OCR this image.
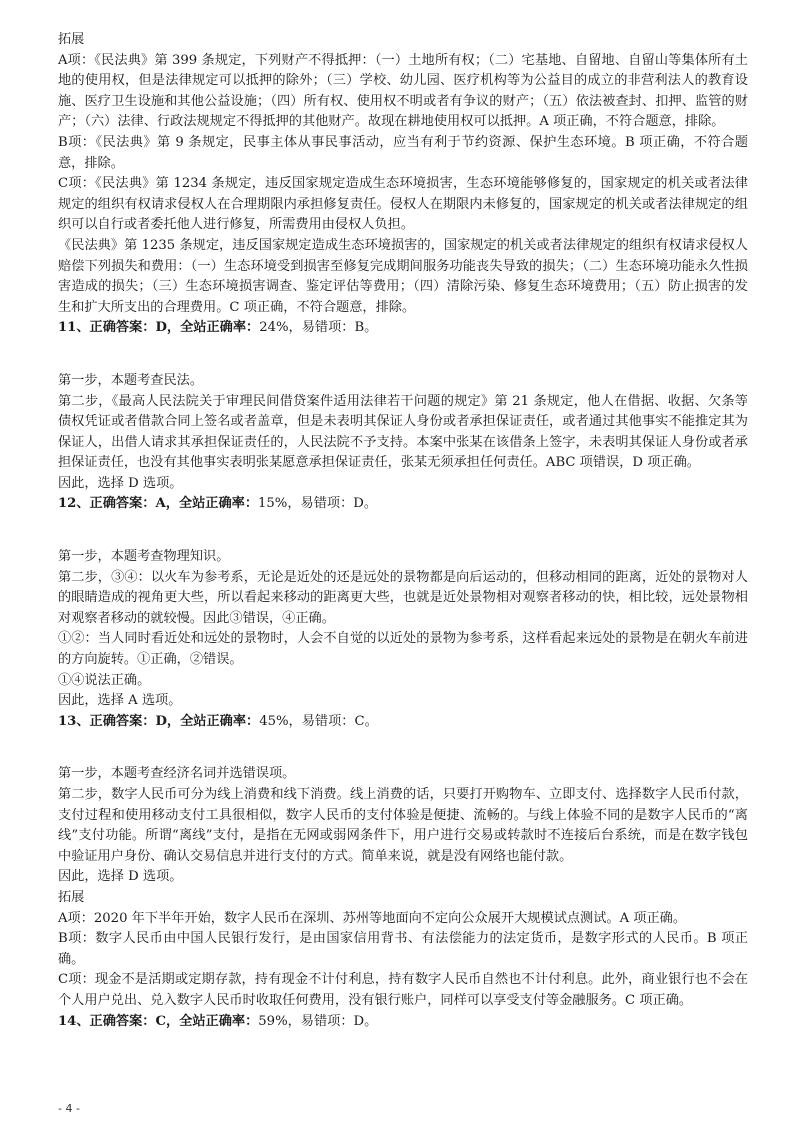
拓展

A项：《民法典》第 399 条规定，下列财产不得抵押：（一）土地所有权；（二）宅基地、自留地、自留山等集体所有土地的使用权，但是法律规定可以抵押的除外；（三）学校、幼儿园、医疗机构等为公益目的成立的非营利法人的教育设施、医疗卫生设施和其他公益设施；（四）所有权、使用权不明或者有争议的财产；（五）依法被查封、扣押、监管的财产；（六）法律、行政法规规定不得抵押的其他财产。故现在耕地使用权可以抵押。A 项正确，不符合题意，排除。

B项：《民法典》第 9 条规定，民事主体从事民事活动，应当有利于节约资源、保护生态环境。B 项正确，不符合题意，排除。

C项：《民法典》第 1234 条规定，违反国家规定造成生态环境损害，生态环境能够修复的，国家规定的机关或者法律规定的组织有权请求侵权人在合理期限内承担修复责任。侵权人在期限内未修复的，国家规定的机关或者法律规定的组织可以自行或者委托他人进行修复，所需费用由侵权人负担。

《民法典》第 1235 条规定，违反国家规定造成生态环境损害的，国家规定的机关或者法律规定的组织有权请求侵权人赔偿下列损失和费用：（一）生态环境受到损害至修复完成期间服务功能丧失导致的损失；（二）生态环境功能永久性损害造成的损失；（三）生态环境损害调查、鉴定评估等费用；（四）清除污染、修复生态环境费用；（五）防止损害的发生和扩大所支出的合理费用。C 项正确，不符合题意，排除。

11、正确答案：D，全站正确率：24%，易错项：B。

第一步，本题考查民法。

第二步，《最高人民法院关于审理民间借贷案件适用法律若干问题的规定》第 21 条规定，他人在借据、收据、欠条等债权凭证或者借款合同上签名或者盖章，但是未表明其保证人身份或者承担保证责任，或者通过其他事实不能推定其为保证人，出借人请求其承担保证责任的，人民法院不予支持。本案中张某在该借条上签字，未表明其保证人身份或者承担保证责任，也没有其他事实表明张某愿意承担保证责任，张某无须承担任何责任。ABC 项错误，D 项正确。

因此，选择 D 选项。

12、正确答案：A，全站正确率：15%，易错项：D。

第一步，本题考查物理知识。

第二步，③④：以火车为参考系，无论是近处的还是远处的景物都是向后运动的，但移动相同的距离，近处的景物对人的眼睛造成的视角更大些，所以看起来移动的距离更大些，也就是近处景物相对观察者移动的快，相比较，远处景物相对观察者移动的就较慢。因此③错误，④正确。

①②：当人同时看近处和远处的景物时，人会不自觉的以近处的景物为参考系，这样看起来远处的景物是在朝火车前进的方向旋转。①正确，②错误。

①④说法正确。

因此，选择 A 选项。

13、正确答案：D，全站正确率：45%，易错项：C。

第一步，本题考查经济名词并选错误项。

第二步，数字人民币可分为线上消费和线下消费。线上消费的话，只要打开购物车、立即支付、选择数字人民币付款，支付过程和使用移动支付工具很相似，数字人民币的支付体验是便捷、流畅的。与线上体验不同的是数字人民币的“离线”支付功能。所谓“离线”支付，是指在无网或弱网条件下，用户进行交易或转款时不连接后台系统，而是在数字钱包中验证用户身份、确认交易信息并进行支付的方式。简单来说，就是没有网络也能付款。

因此，选择 D 选项。

拓展

A项：2020 年下半年开始，数字人民币在深圳、苏州等地面向不定向公众展开大规模试点测试。A 项正确。

B项：数字人民币由中国人民银行发行，是由国家信用背书、有法偿能力的法定货币，是数字形式的人民币。B 项正确。

C项：现金不是活期或定期存款，持有现金不计付利息，持有数字人民币自然也不计付利息。此外，商业银行也不会在个人用户兑出、兑入数字人民币时收取任何费用，没有银行账户，同样可以享受支付等金融服务。C 项正确。

14、正确答案：C，全站正确率：59%，易错项：D。

- 4 -
